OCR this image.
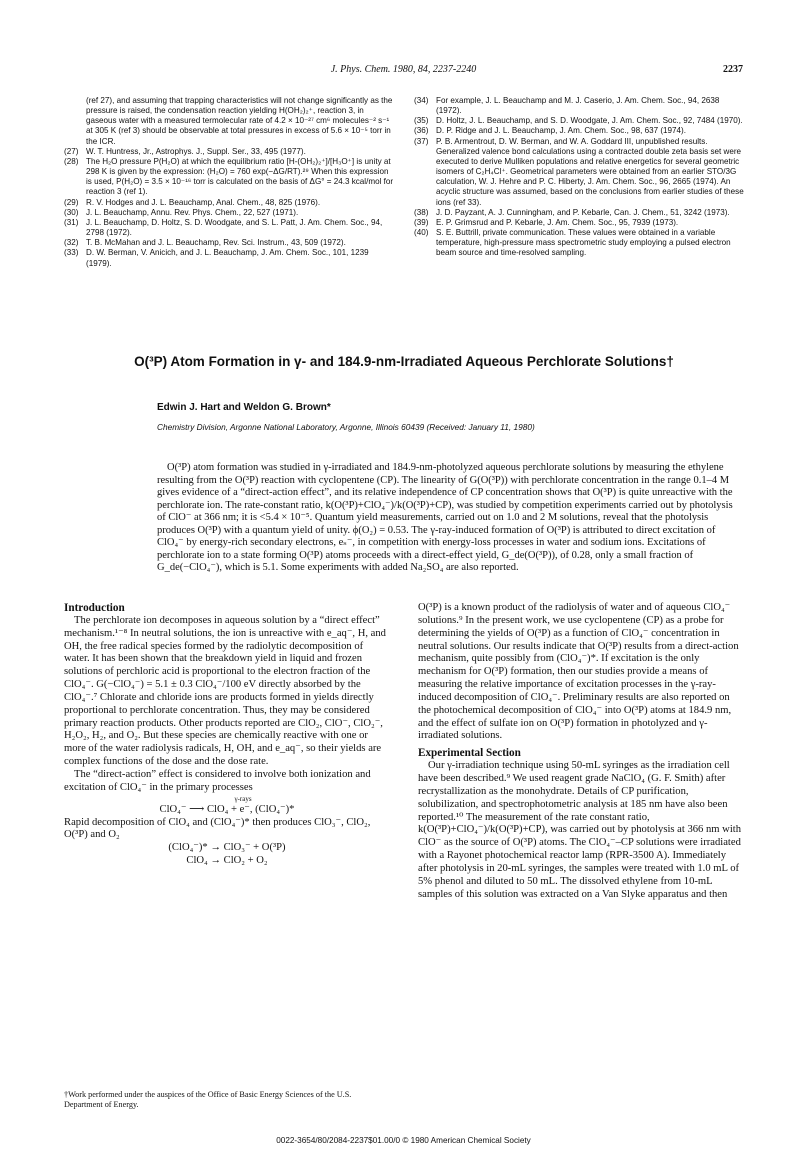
J. Phys. Chem. 1980, 84, 2237-2240	2237
(ref 27), and assuming that trapping characteristics will not change significantly as the pressure is raised, the condensation reaction yielding H(OH₂)₂⁺, reaction 3, in gaseous water with a measured termolecular rate of 4.2 × 10⁻²⁷ cm⁶ molecules⁻² s⁻¹ at 305 K (ref 3) should be observable at total pressures in excess of 5.6 × 10⁻⁵ torr in the ICR.
(27) W. T. Huntress, Jr., Astrophys. J., Suppl. Ser., 33, 495 (1977).
(28) The H₂O pressure P(H₂O) at which the equilibrium ratio [H-(OH₂)₂⁺]/[H₃O⁺] is unity at 298 K is given by the expression: (H₂O) = 760 exp(−ΔG/RT).²⁹ When this expression is used, P(H₂O) = 3.5 × 10⁻¹⁶ torr is calculated on the basis of ΔG° = 24.3 kcal/mol for reaction 3 (ref 1).
(29) R. V. Hodges and J. L. Beauchamp, Anal. Chem., 48, 825 (1976).
(30) J. L. Beauchamp, Annu. Rev. Phys. Chem., 22, 527 (1971).
(31) J. L. Beauchamp, D. Holtz, S. D. Woodgate, and S. L. Patt, J. Am. Chem. Soc., 94, 2798 (1972).
(32) T. B. McMahan and J. L. Beauchamp, Rev. Sci. Instrum., 43, 509 (1972).
(33) D. W. Berman, V. Anicich, and J. L. Beauchamp, J. Am. Chem. Soc., 101, 1239 (1979).
(34) For example, J. L. Beauchamp and M. J. Caserio, J. Am. Chem. Soc., 94, 2638 (1972).
(35) D. Holtz, J. L. Beauchamp, and S. D. Woodgate, J. Am. Chem. Soc., 92, 7484 (1970).
(36) D. P. Ridge and J. L. Beauchamp, J. Am. Chem. Soc., 98, 637 (1974).
(37) P. B. Armentrout, D. W. Berman, and W. A. Goddard III, unpublished results. Generalized valence bond calculations using a contracted double zeta basis set were executed to derive Mulliken populations and relative energetics for several geometric isomers of C₂H₄Cl⁺. Geometrical parameters were obtained from an earlier STO/3G calculation, W. J. Hehre and P. C. Hiberty, J. Am. Chem. Soc., 96, 2665 (1974). An acyclic structure was assumed, based on the conclusions from earlier studies of these ions (ref 33).
(38) J. D. Payzant, A. J. Cunningham, and P. Kebarle, Can. J. Chem., 51, 3242 (1973).
(39) E. P. Grimsrud and P. Kebarle, J. Am. Chem. Soc., 95, 7939 (1973).
(40) S. E. Buttrill, private communication. These values were obtained in a variable temperature, high-pressure mass spectrometric study employing a pulsed electron beam source and time-resolved sampling.
O(³P) Atom Formation in γ- and 184.9-nm-Irradiated Aqueous Perchlorate Solutions†
Edwin J. Hart and Weldon G. Brown*
Chemistry Division, Argonne National Laboratory, Argonne, Illinois 60439 (Received: January 11, 1980)

O(³P) atom formation was studied in γ-irradiated and 184.9-nm-photolyzed aqueous perchlorate solutions by measuring the ethylene resulting from the O(³P) reaction with cyclopentene (CP). The linearity of G(O(³P)) with perchlorate concentration in the range 0.1–4 M gives evidence of a “direct-action effect”, and its relative independence of CP concentration shows that O(³P) is quite unreactive with the perchlorate ion. The rate-constant ratio, k(O(³P)+ClO₄⁻)/k(O(³P)+CP), was studied by competition experiments carried out by photolysis of ClO⁻ at 366 nm; it is <5.4 × 10⁻⁵. Quantum yield measurements, carried out on 1.0 and 2 M solutions, reveal that the photolysis produces O(³P) with a quantum yield of unity. ϕ(O₂) = 0.53. The γ-ray-induced formation of O(³P) is attributed to direct excitation of ClO₄⁻ by energy-rich secondary electrons, eₛ⁻, in competition with energy-loss processes in water and sodium ions. Excitations of perchlorate ion to a state forming O(³P) atoms proceeds with a direct-effect yield, G_de(O(³P)), of 0.28, only a small fraction of G_de(−ClO₄⁻), which is 5.1. Some experiments with added Na₂SO₄ are also reported.

Introduction

The perchlorate ion decomposes in aqueous solution by a “direct effect” mechanism.¹⁻⁸ In neutral solutions, the ion is unreactive with e_aq⁻, H, and OH, the free radical species formed by the radiolytic decomposition of water. It has been shown that the breakdown yield in liquid and frozen solutions of perchloric acid is proportional to the electron fraction of the ClO₄⁻. G(−ClO₄⁻) = 5.1 ± 0.3 ClO₄⁻/100 eV directly absorbed by the ClO₄⁻.⁷ Chlorate and chloride ions are products formed in yields directly proportional to perchlorate concentration. Thus, they may be considered primary reaction products. Other products reported are ClO₂, ClO⁻, ClO₂⁻, H₂O₂, H₂, and O₂. But these species are chemically reactive with one or more of the water radiolysis radicals, H, OH, and e_aq⁻, so their yields are complex functions of the dose and the dose rate.

The “direct-action” effect is considered to involve both ionization and excitation of ClO₄⁻ in the primary processes

γ-rays

ClO₄⁻ ⟶ ClO₄ + e⁻, (ClO₄⁻)*

Rapid decomposition of ClO₄ and (ClO₄⁻)* then produces ClO₃⁻, ClO₂, O(³P) and O₂

(ClO₄⁻)* → ClO₃⁻ + O(³P)

ClO₄ → ClO₂ + O₂

†Work performed under the auspices of the Office of Basic Energy Sciences of the U.S. Department of Energy.

O(³P) is a known product of the radiolysis of water and of aqueous ClO₄⁻ solutions.⁹ In the present work, we use cyclopentene (CP) as a probe for determining the yields of O(³P) as a function of ClO₄⁻ concentration in neutral solutions. Our results indicate that O(³P) results from a direct-action mechanism, quite possibly from (ClO₄⁻)*. If excitation is the only mechanism for O(³P) formation, then our studies provide a means of measuring the relative importance of excitation processes in the γ-ray-induced decomposition of ClO₄⁻. Preliminary results are also reported on the photochemical decomposition of ClO₄⁻ into O(³P) atoms at 184.9 nm, and the effect of sulfate ion on O(³P) formation in photolyzed and γ-irradiated solutions.

Experimental Section

Our γ-irradiation technique using 50-mL syringes as the irradiation cell have been described.⁹ We used reagent grade NaClO₄ (G. F. Smith) after recrystallization as the monohydrate. Details of CP purification, solubilization, and spectrophotometric analysis at 185 nm have also been reported.¹⁰ The measurement of the rate constant ratio, k(O(³P)+ClO₄⁻)/k(O(³P)+CP), was carried out by photolysis at 366 nm with ClO⁻ as the source of O(³P) atoms. The ClO₄⁻–CP solutions were irradiated with a Rayonet photochemical reactor lamp (RPR-3500 A). Immediately after photolysis in 20-mL syringes, the samples were treated with 1.0 mL of 5% phenol and diluted to 50 mL. The dissolved ethylene from 10-mL samples of this solution was extracted on a Van Slyke apparatus and then

0022-3654/80/2084-2237$01.00/0 © 1980 American Chemical Society
